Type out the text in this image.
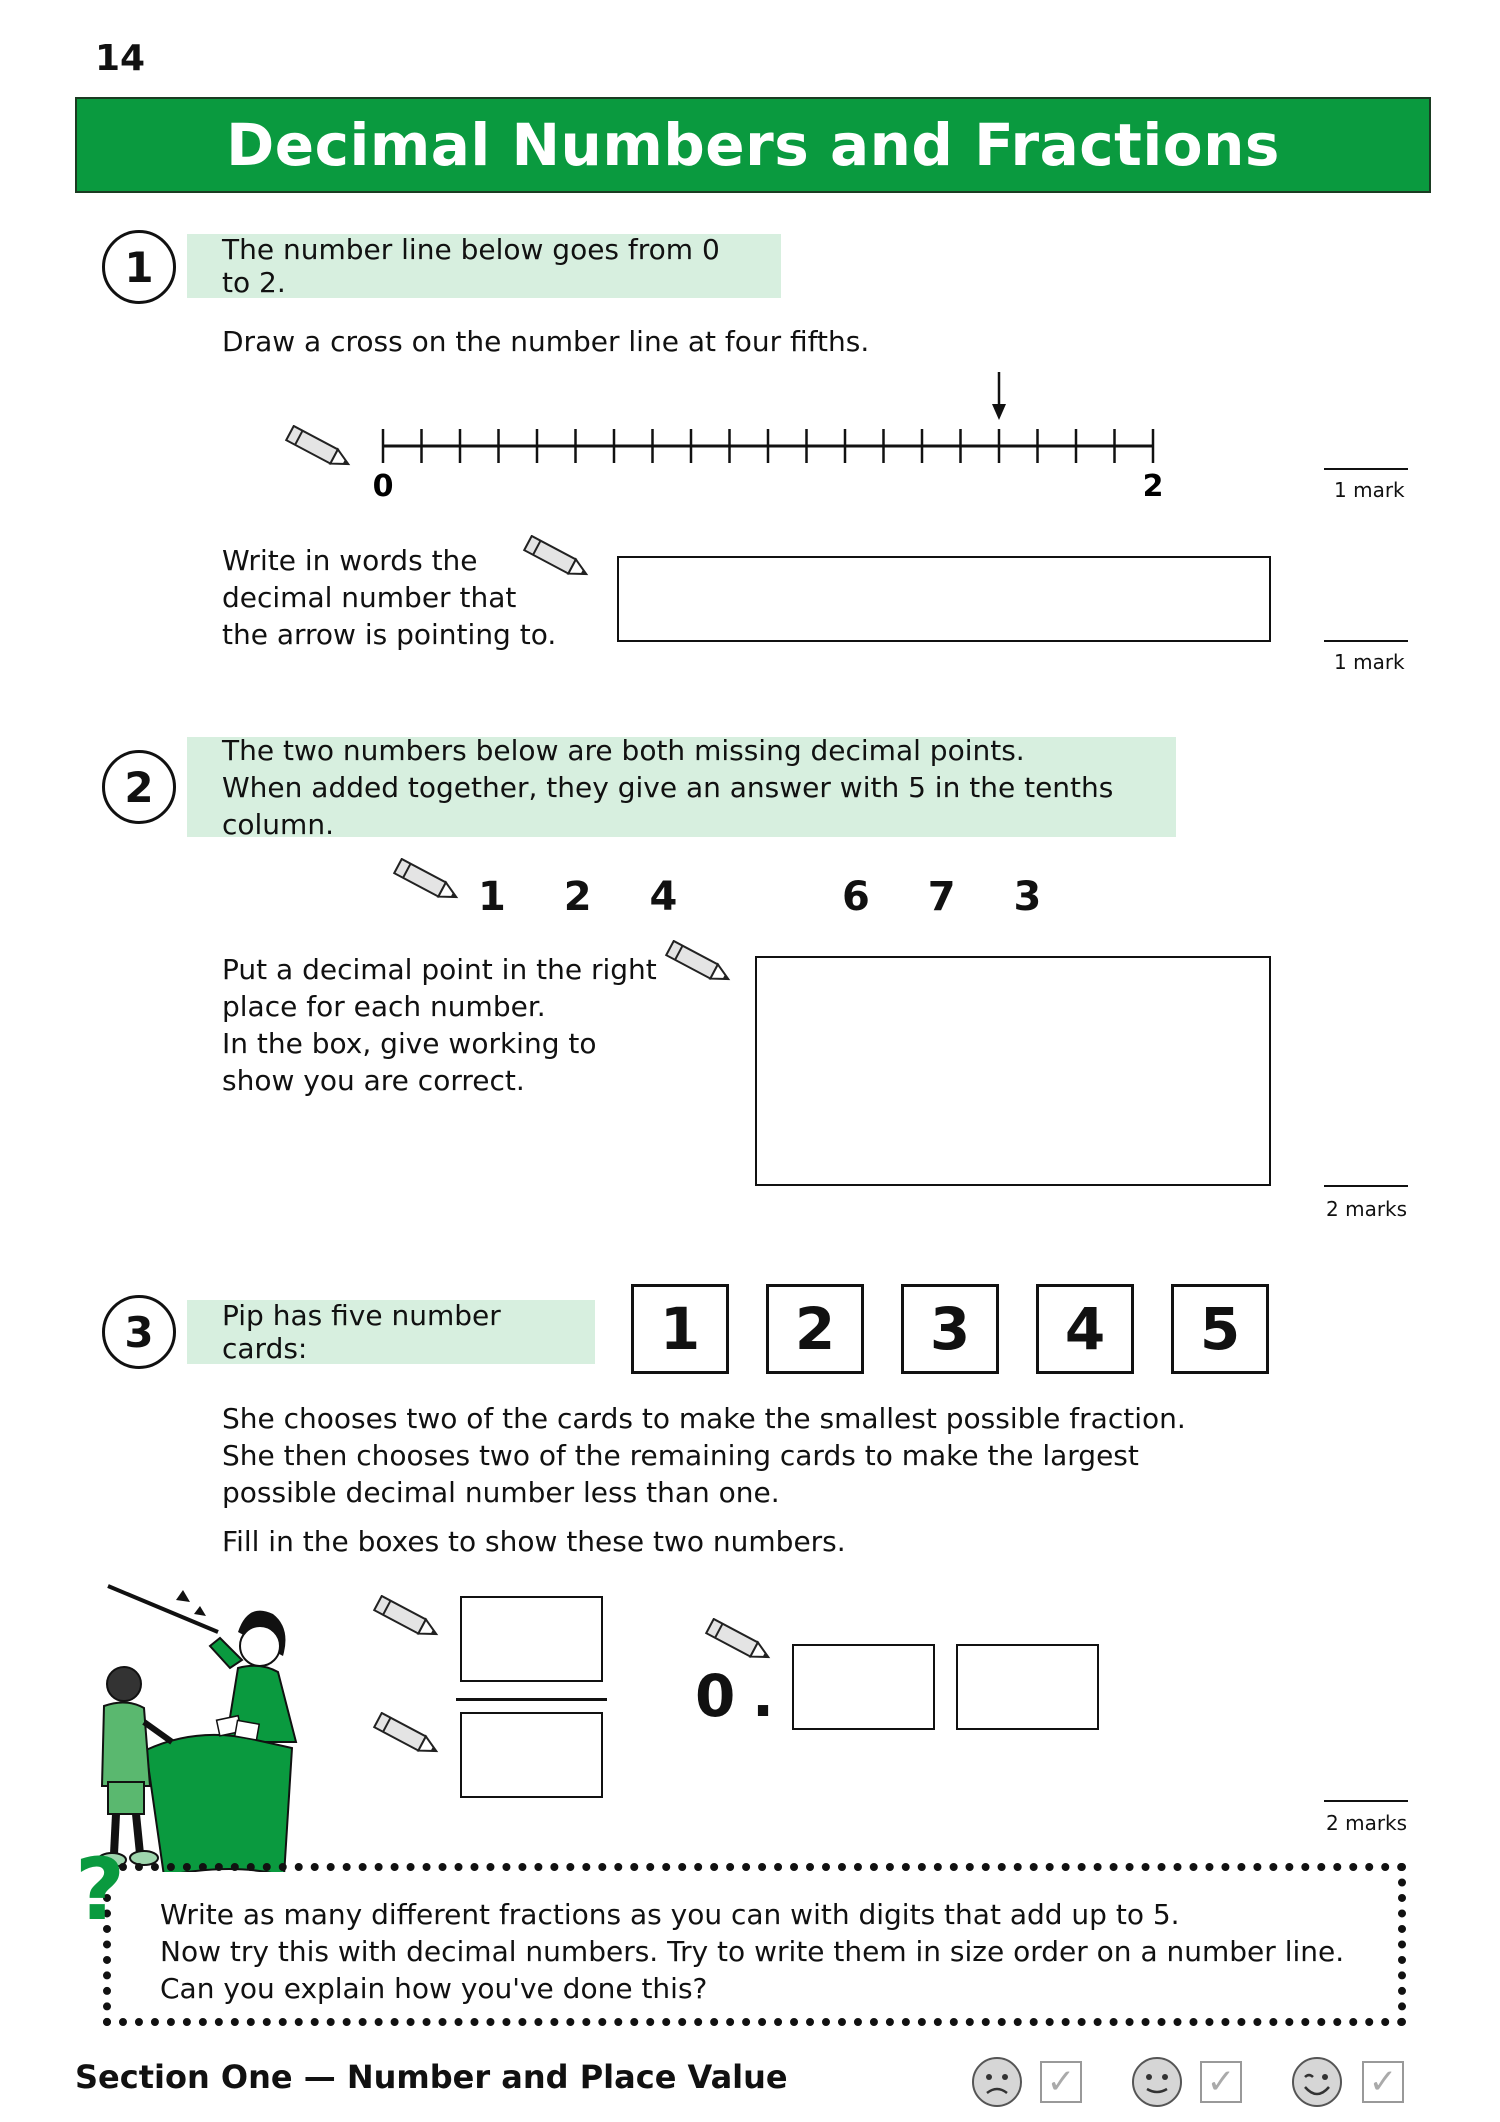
14
Decimal Numbers and Fractions
1	The number line below goes from 0 to 2.
Draw a cross on the number line at four fifths.
0	2	1 mark
Write in words the
decimal number that
the arrow is pointing to.
1 mark
2
The two numbers below are both missing decimal points.
When added together, they give an answer with 5 in the tenths column.
1 2 4	6 7 3
Put a decimal point in the right
place for each number.
In the box, give working to
show you are correct.
2 marks
3	Pip has five number cards:	1	2	3	4	5
She chooses two of the cards to make the smallest possible fraction.
She then chooses two of the remaining cards to make the largest
possible decimal number less than one.
Fill in the boxes to show these two numbers.
0 .
2 marks
? Write as many different fractions as you can with digits that add up to 5.
Now try this with decimal numbers. Try to write them in size order on a number line.
Can you explain how you've done this?
Section One — Number and Place Value	✓	✓	✓
